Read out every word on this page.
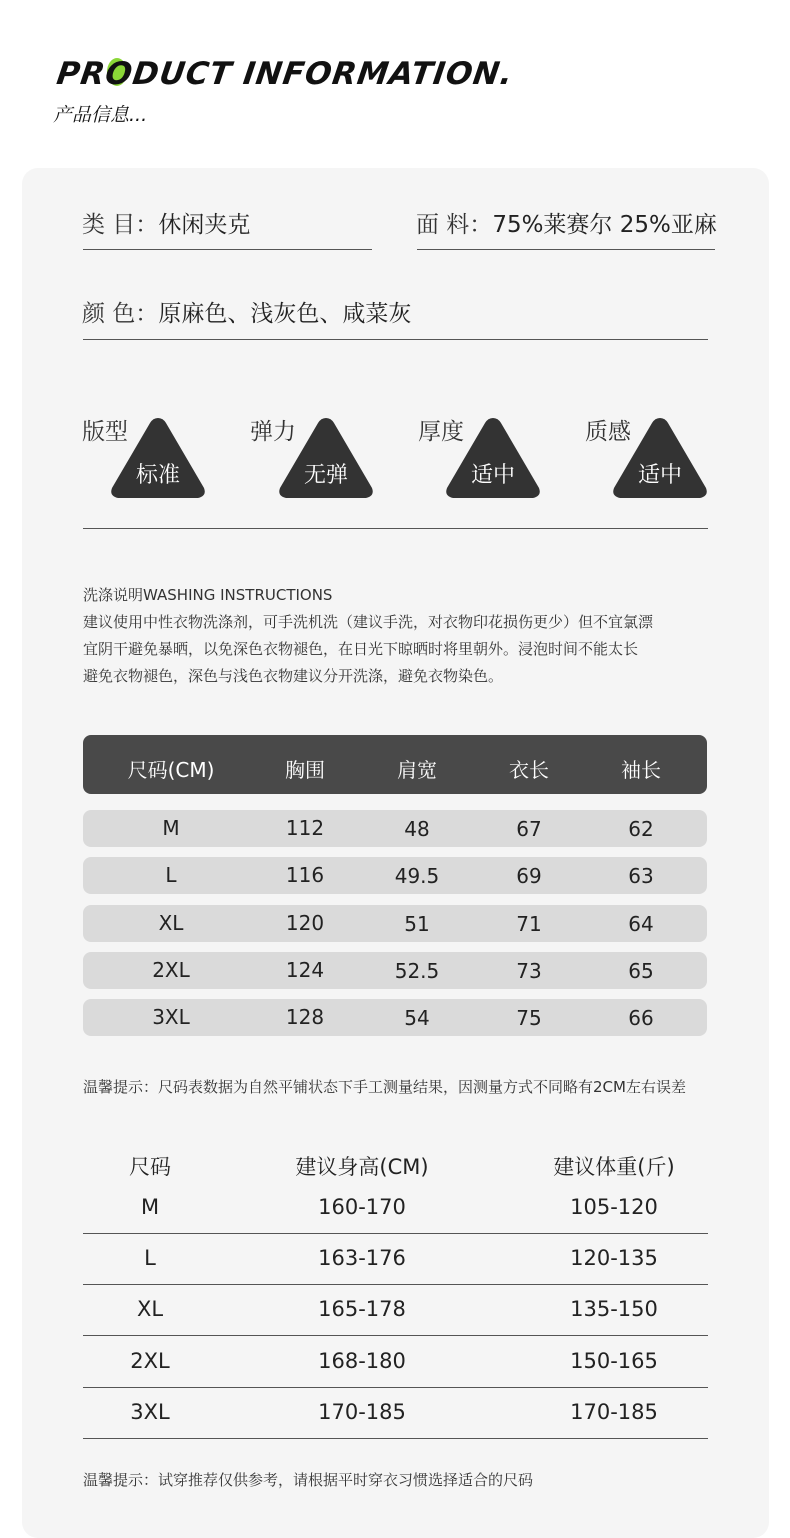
PRODUCT INFORMATION.
产品信息...
类 目：休闲夹克	面 料：75%莱赛尔 25%亚麻
颜 色：原麻色、浅灰色、咸菜灰
版型
标准
弹力
无弹
厚度
适中
质感
适中
洗涤说明WASHING INSTRUCTIONS
建议使用中性衣物洗涤剂，可手洗机洗（建议手洗，对衣物印花损伤更少）但不宜氯漂
宜阴干避免暴晒，以免深色衣物褪色，在日光下晾晒时将里朝外。浸泡时间不能太长
避免衣物褪色，深色与浅色衣物建议分开洗涤，避免衣物染色。
尺码(CM)	胸围	肩宽	衣长	袖长
M	112	48	67	62
L	116	49.5	69	63
XL	120	51	71	64
2XL	124	52.5	73	65
3XL	128	54	75	66
温馨提示：尺码表数据为自然平铺状态下手工测量结果，因测量方式不同略有2CM左右误差
尺码	建议身高(CM)	建议体重(斤)
M	160-170	105-120
L	163-176	120-135
XL	165-178	135-150
2XL	168-180	150-165
3XL	170-185	170-185
温馨提示：试穿推荐仅供参考，请根据平时穿衣习惯选择适合的尺码
